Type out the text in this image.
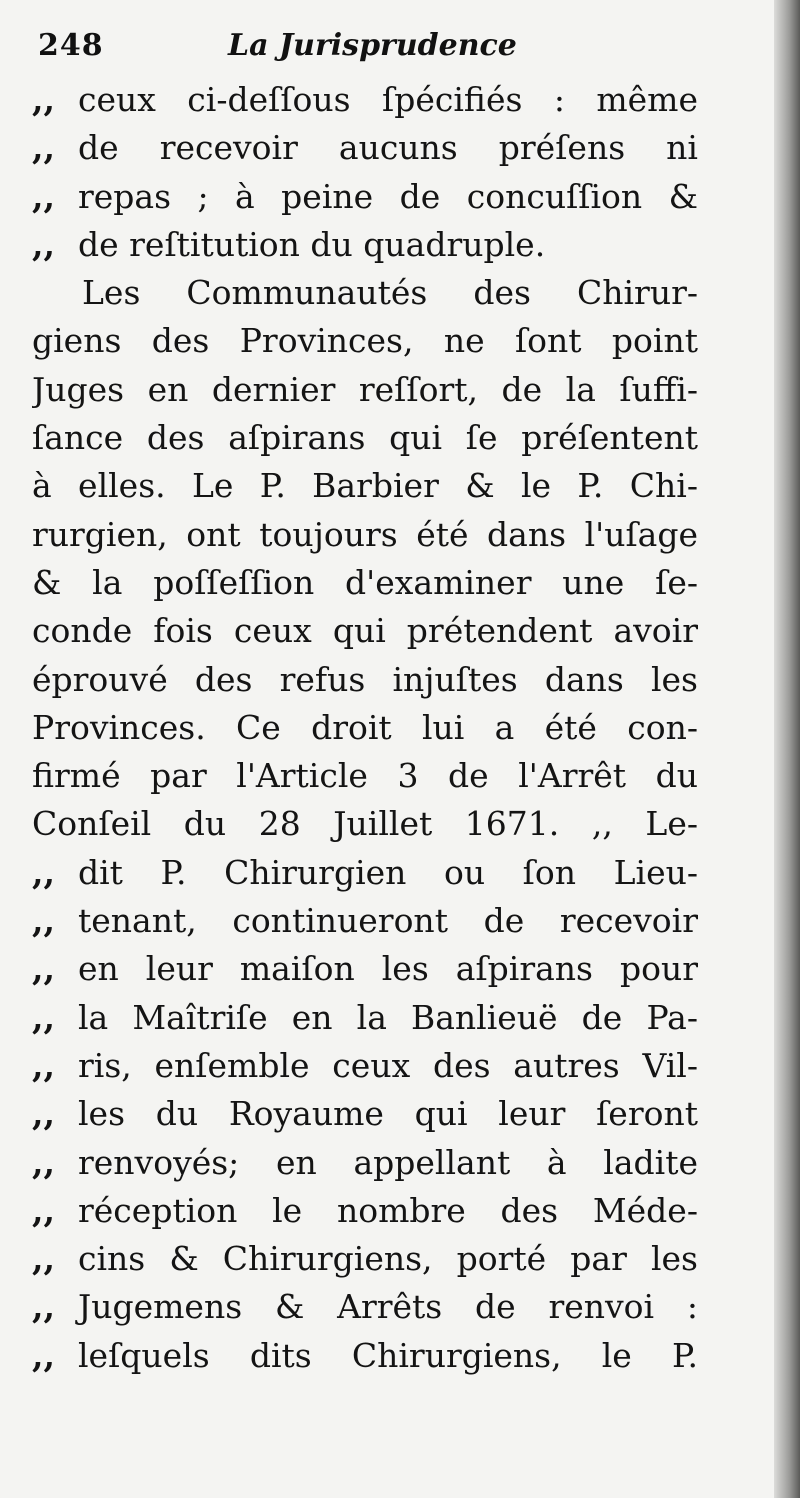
248	La Jurisprudence
,, ceux ci-deſſous ſpécifiés : même
,, de recevoir aucuns préſens ni
,, repas ; à peine de concuſſion &
,, de reſtitution du quadruple.
Les Communautés des Chirur-
giens des Provinces, ne ſont point
Juges en dernier reſſort, de la ſuffi-
ſance des aſpirans qui ſe préſentent
à elles. Le P. Barbier & le P. Chi-
rurgien, ont toujours été dans l'uſage
& la poſſeſſion d'examiner une ſe-
conde fois ceux qui prétendent avoir
éprouvé des refus injuſtes dans les
Provinces. Ce droit lui a été con-
firmé par l'Article 3 de l'Arrêt du
Conſeil du 28 Juillet 1671. ,, Le-
,, dit P. Chirurgien ou ſon Lieu-
,, tenant, continueront de recevoir
,, en leur maiſon les aſpirans pour
,, la Maîtriſe en la Banlieuë de Pa-
,, ris, enſemble ceux des autres Vil-
,, les du Royaume qui leur ſeront
,, renvoyés; en appellant à ladite
,, réception le nombre des Méde-
,, cins & Chirurgiens, porté par les
,, Jugemens & Arrêts de renvoi :
,, leſquels dits Chirurgiens, le P.
